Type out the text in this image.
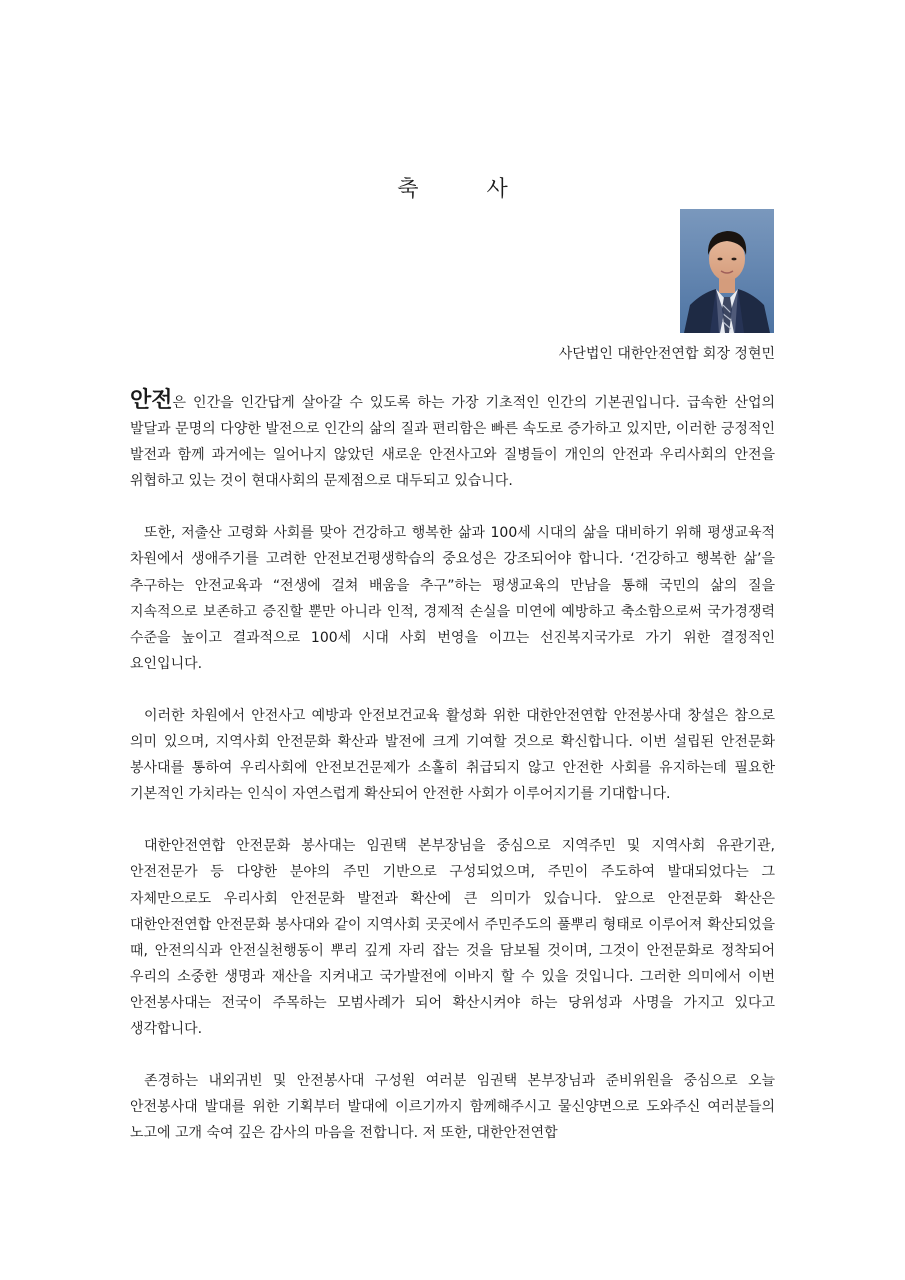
축	사
사단법인 대한안전연합 회장 정현민

안전은 인간을 인간답게 살아갈 수 있도록 하는 가장 기초적인 인간의 기본권입니다. 급속한 산업의 발달과 문명의 다양한 발전으로 인간의 삶의 질과 편리함은 빠른 속도로 증가하고 있지만, 이러한 긍정적인 발전과 함께 과거에는 일어나지 않았던 새로운 안전사고와 질병들이 개인의 안전과 우리사회의 안전을 위협하고 있는 것이 현대사회의 문제점으로 대두되고 있습니다.

또한, 저출산 고령화 사회를 맞아 건강하고 행복한 삶과 100세 시대의 삶을 대비하기 위해 평생교육적 차원에서 생애주기를 고려한 안전보건평생학습의 중요성은 강조되어야 합니다. ‘건강하고 행복한 삶’을 추구하는 안전교육과 “전생에 걸쳐 배움을 추구”하는 평생교육의 만남을 통해 국민의 삶의 질을 지속적으로 보존하고 증진할 뿐만 아니라 인적, 경제적 손실을 미연에 예방하고 축소함으로써 국가경쟁력 수준을 높이고 결과적으로 100세 시대 사회 번영을 이끄는 선진복지국가로 가기 위한 결정적인 요인입니다.

이러한 차원에서 안전사고 예방과 안전보건교육 활성화 위한 대한안전연합 안전봉사대 창설은 참으로 의미 있으며, 지역사회 안전문화 확산과 발전에 크게 기여할 것으로 확신합니다. 이번 설립된 안전문화 봉사대를 통하여 우리사회에 안전보건문제가 소홀히 취급되지 않고 안전한 사회를 유지하는데 필요한 기본적인 가치라는 인식이 자연스럽게 확산되어 안전한 사회가 이루어지기를 기대합니다.

대한안전연합 안전문화 봉사대는 임권택 본부장님을 중심으로 지역주민 및 지역사회 유관기관, 안전전문가 등 다양한 분야의 주민 기반으로 구성되었으며, 주민이 주도하여 발대되었다는 그 자체만으로도 우리사회 안전문화 발전과 확산에 큰 의미가 있습니다. 앞으로 안전문화 확산은 대한안전연합 안전문화 봉사대와 같이 지역사회 곳곳에서 주민주도의 풀뿌리 형태로 이루어져 확산되었을 때, 안전의식과 안전실천행동이 뿌리 깊게 자리 잡는 것을 담보될 것이며, 그것이 안전문화로 정착되어 우리의 소중한 생명과 재산을 지켜내고 국가발전에 이바지 할 수 있을 것입니다. 그러한 의미에서 이번 안전봉사대는 전국이 주목하는 모범사례가 되어 확산시켜야 하는 당위성과 사명을 가지고 있다고 생각합니다.

존경하는 내외귀빈 및 안전봉사대 구성원 여러분 임권택 본부장님과 준비위원을 중심으로 오늘 안전봉사대 발대를 위한 기획부터 발대에 이르기까지 함께해주시고 물신양면으로 도와주신 여러분들의 노고에 고개 숙여 깊은 감사의 마음을 전합니다. 저 또한, 대한안전연합
